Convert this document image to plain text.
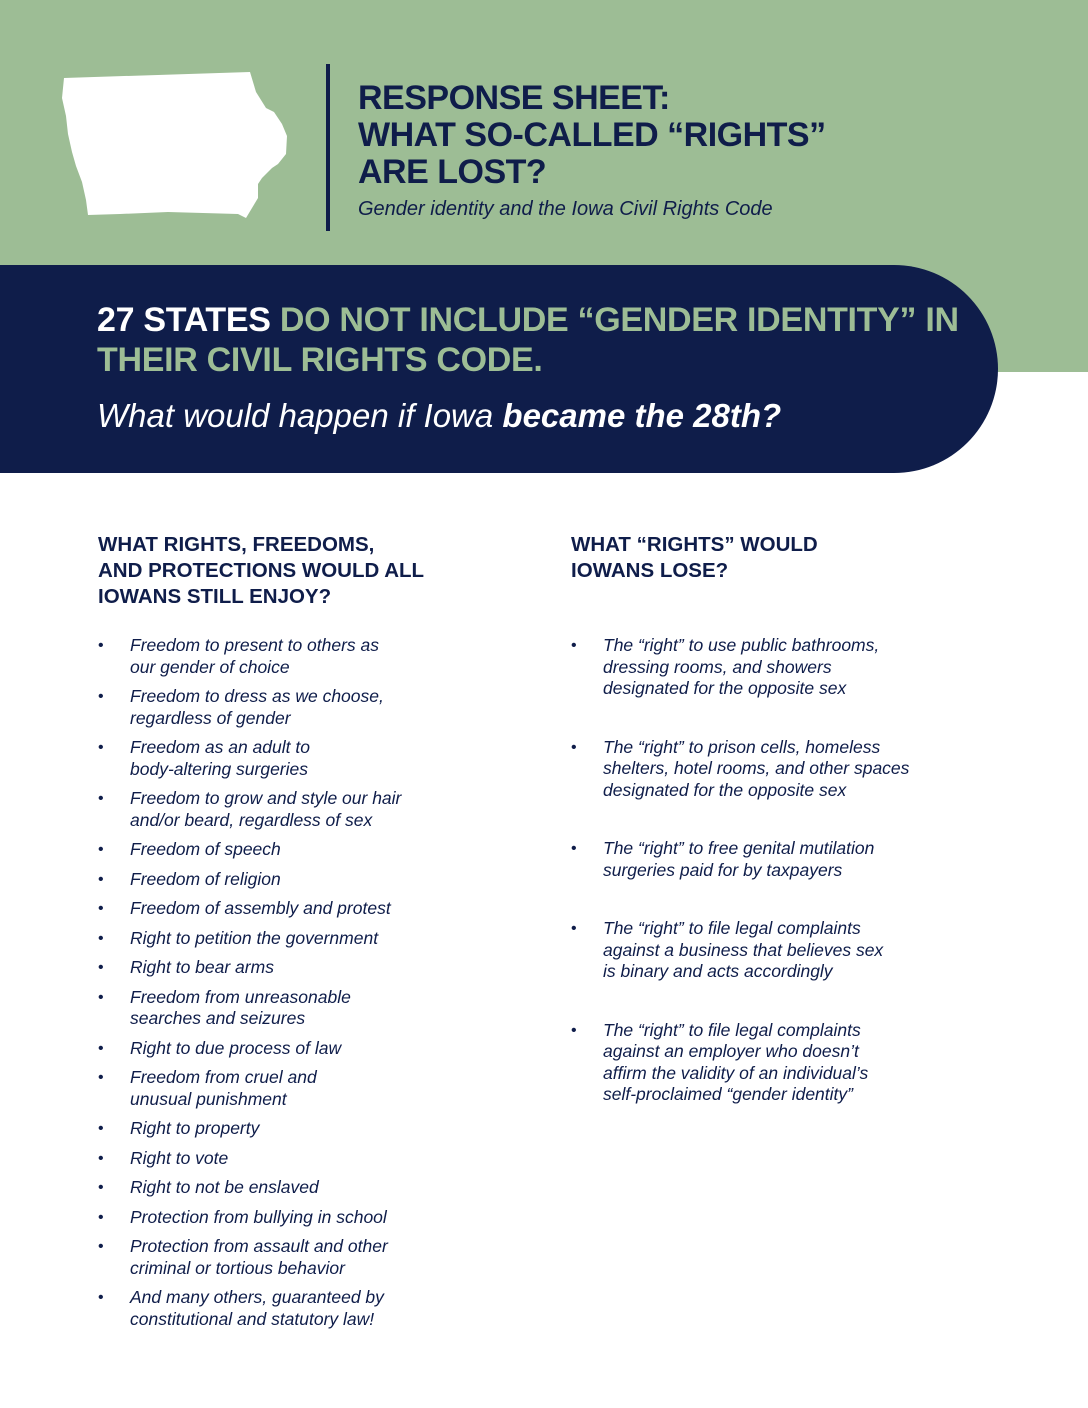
RESPONSE SHEET:
WHAT SO-CALLED “RIGHTS”
ARE LOST?
Gender identity and the Iowa Civil Rights Code
27 STATES DO NOT INCLUDE “GENDER IDENTITY” IN THEIR CIVIL RIGHTS CODE.
What would happen if Iowa became the 28th?
WHAT RIGHTS, FREEDOMS,
AND PROTECTIONS WOULD ALL
IOWANS STILL ENJOY?
WHAT “RIGHTS” WOULD
IOWANS LOSE?
• Freedom to present to others as
our gender of choice
• Freedom to dress as we choose,
regardless of gender
• Freedom as an adult to
body-altering surgeries
• Freedom to grow and style our hair
and/or beard, regardless of sex
• Freedom of speech
• Freedom of religion
• Freedom of assembly and protest
• Right to petition the government
• Right to bear arms
• Freedom from unreasonable
searches and seizures
• Right to due process of law
• Freedom from cruel and
unusual punishment
• Right to property
• Right to vote
• Right to not be enslaved
• Protection from bullying in school
• Protection from assault and other
criminal or tortious behavior
• And many others, guaranteed by
constitutional and statutory law!
• The “right” to use public bathrooms,
dressing rooms, and showers
designated for the opposite sex
• The “right” to prison cells, homeless
shelters, hotel rooms, and other spaces
designated for the opposite sex
• The “right” to free genital mutilation
surgeries paid for by taxpayers
• The “right” to file legal complaints
against a business that believes sex
is binary and acts accordingly
• The “right” to file legal complaints
against an employer who doesn’t
affirm the validity of an individual’s
self-proclaimed “gender identity”
